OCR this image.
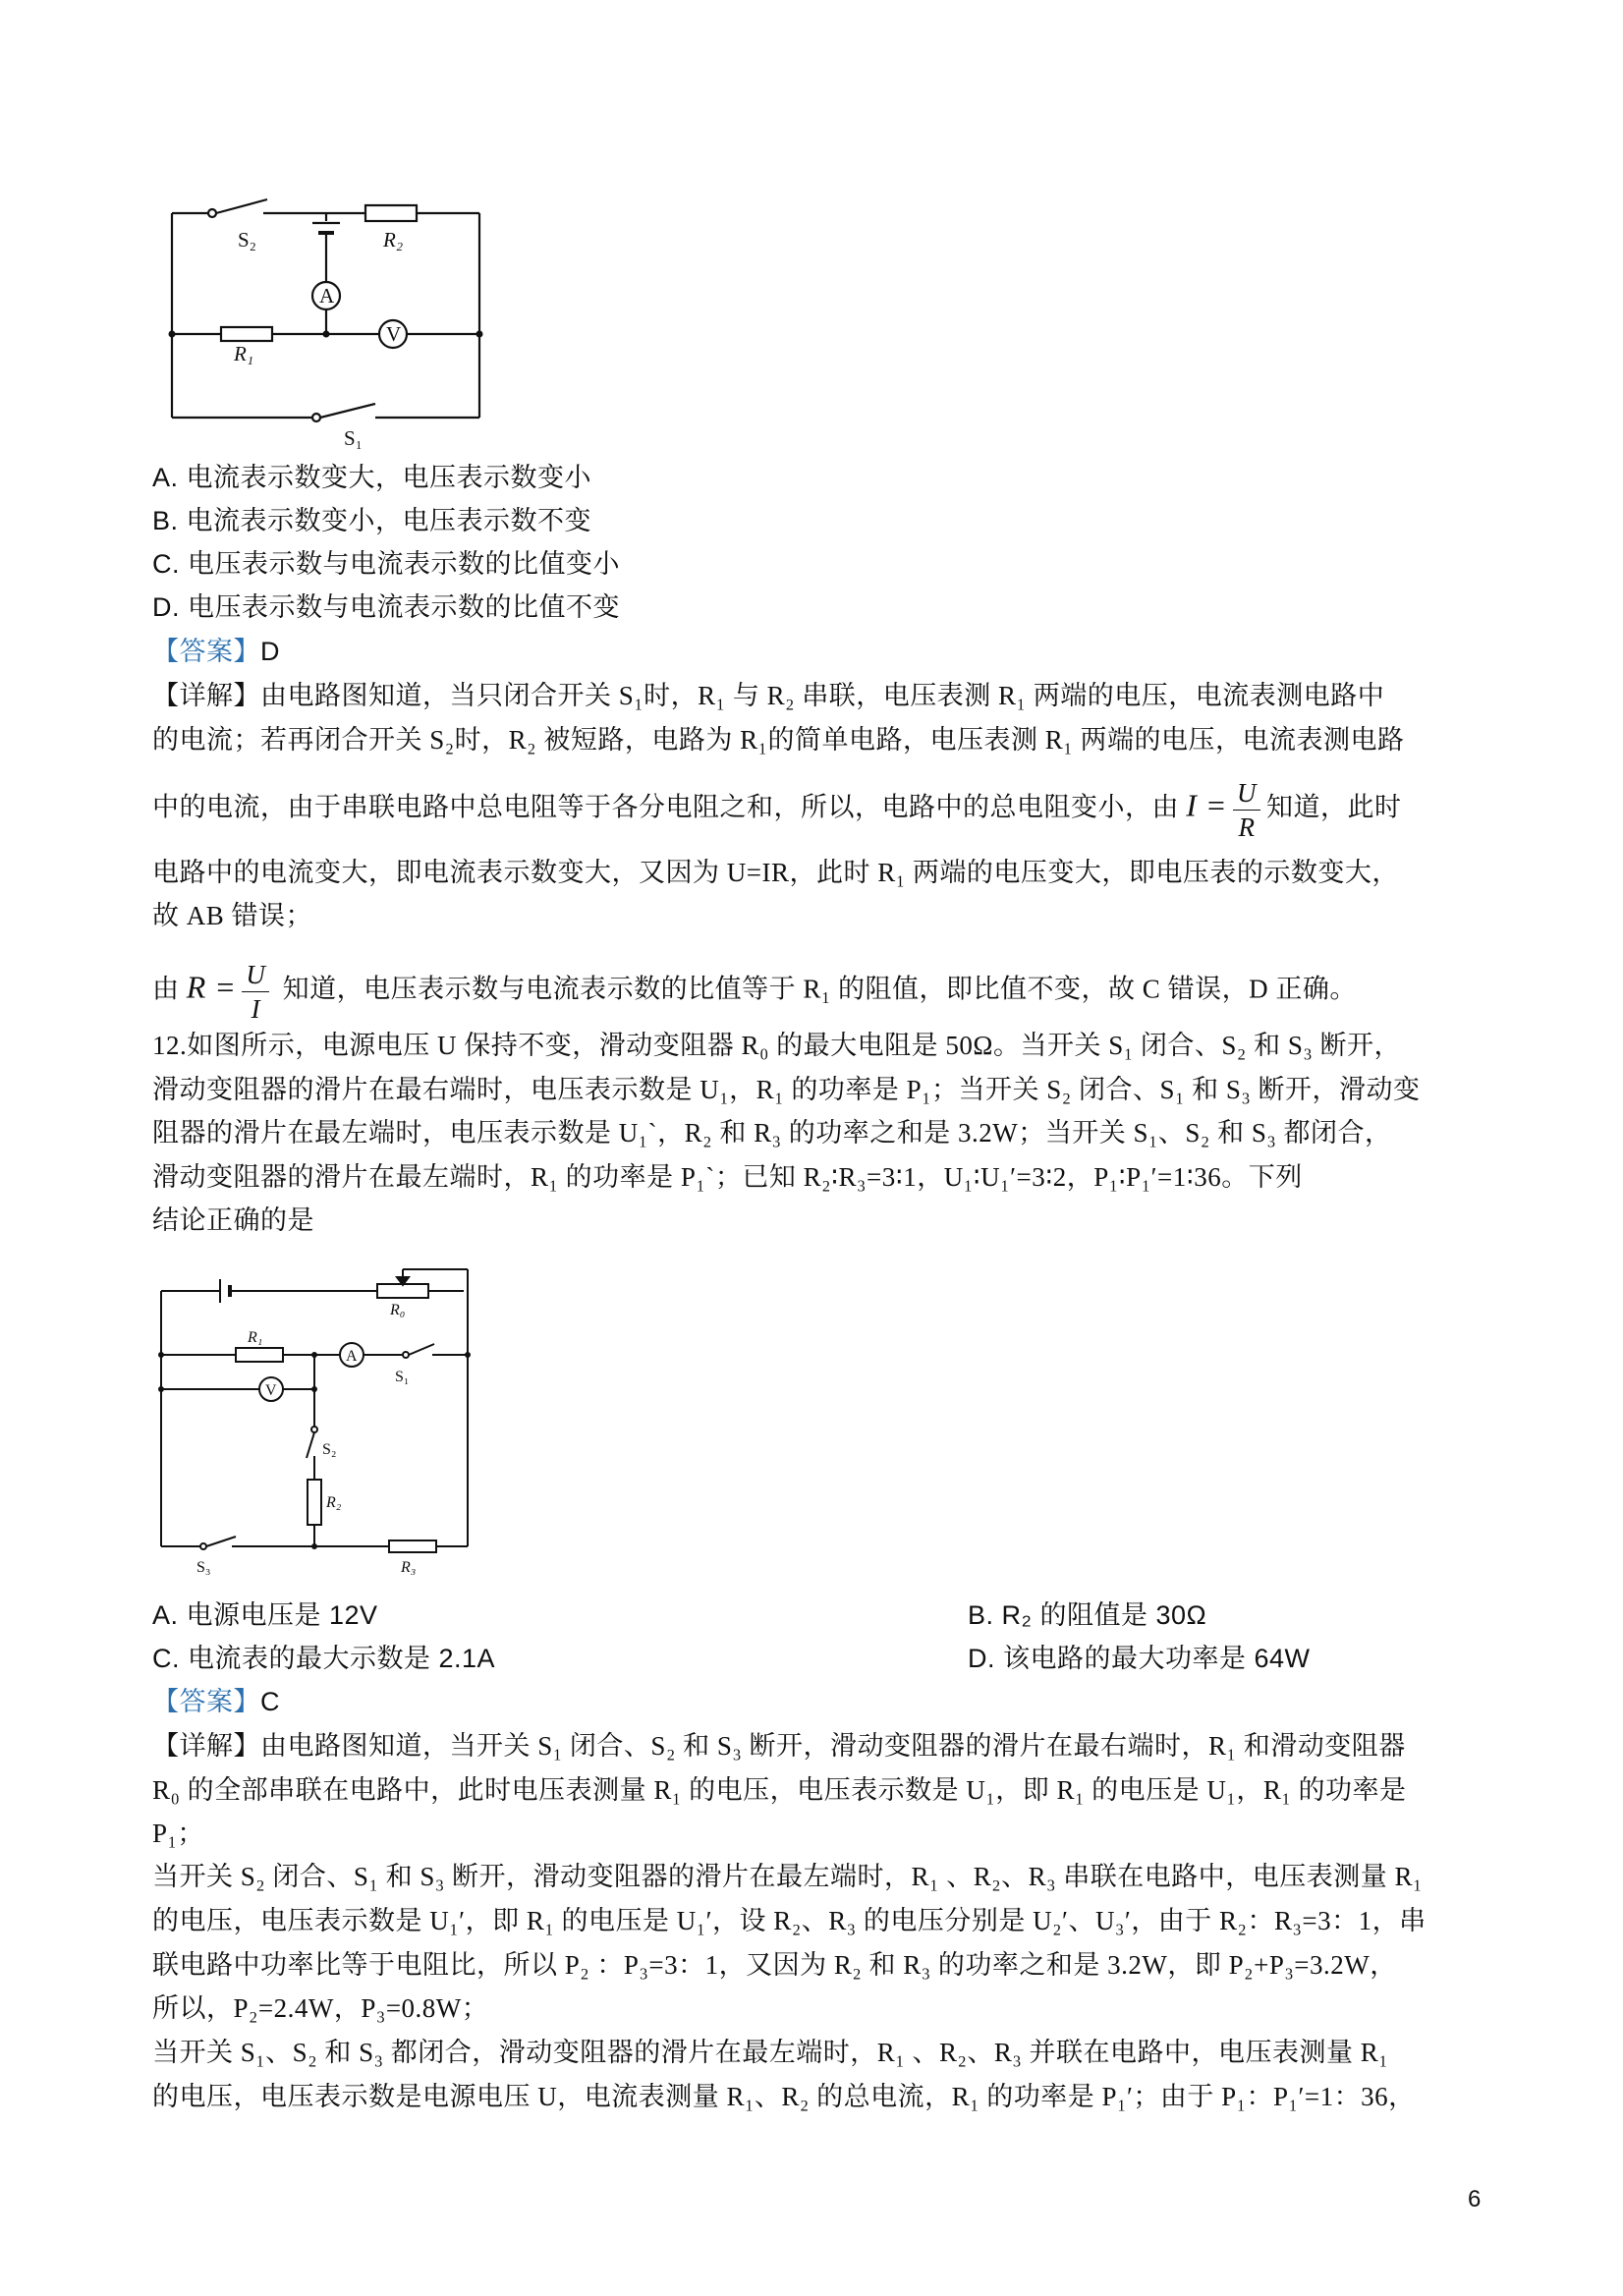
S₂	R₂
A
V
R₁
S₁
A. 电流表示数变大，电压表示数变小
B. 电流表示数变小，电压表示数不变
C. 电压表示数与电流表示数的比值变小
D. 电压表示数与电流表示数的比值不变
【答案】D
【详解】由电路图知道，当只闭合开关 S₁时，R₁ 与 R₂ 串联，电压表测 R₁ 两端的电压，电流表测电路中
的电流；若再闭合开关 S₂时，R₂ 被短路，电路为 R₁的简单电路，电压表测 R₁ 两端的电压，电流表测电路
中的电流，由于串联电路中总电阻等于各分电阻之和，所以，电路中的总电阻变小，由 $I = \frac{U}{R}$ 知道，此时
电路中的电流变大，即电流表示数变大，又因为 U=IR，此时 R₁ 两端的电压变大，即电压表的示数变大，
故 AB 错误；
由 $R = \frac{U}{I}$ 知道，电压表示数与电流表示数的比值等于 R₁ 的阻值，即比值不变，故 C 错误，D 正确。
12.如图所示，电源电压 U 保持不变，滑动变阻器 R₀ 的最大电阻是 50Ω。当开关 S₁ 闭合、S₂ 和 S₃ 断开，
滑动变阻器的滑片在最右端时，电压表示数是 U₁，R₁ 的功率是 P₁；当开关 S₂ 闭合、S₁ 和 S₃ 断开，滑动变
阻器的滑片在最左端时，电压表示数是 U₁`，R₂ 和 R₃ 的功率之和是 3.2W；当开关 S₁、S₂ 和 S₃ 都闭合，
滑动变阻器的滑片在最左端时，R₁ 的功率是 P₁`；已知 R₂∶R₃=3∶1，U₁∶U₁′=3∶2，P₁∶P₁′=1∶36。下列
结论正确的是
R₀
R₁
A
S₁
V
S₂
R₂
S₃	R₃
A. 电源电压是 12V	B. R₂ 的阻值是 30Ω
C. 电流表的最大示数是 2.1A	D. 该电路的最大功率是 64W
【答案】C
【详解】由电路图知道，当开关 S₁ 闭合、S₂ 和 S₃ 断开，滑动变阻器的滑片在最右端时，R₁ 和滑动变阻器
R₀ 的全部串联在电路中，此时电压表测量 R₁ 的电压，电压表示数是 U₁，即 R₁ 的电压是 U₁，R₁ 的功率是
P₁；
当开关 S₂ 闭合、S₁ 和 S₃ 断开，滑动变阻器的滑片在最左端时，R₁ 、R₂、R₃ 串联在电路中，电压表测量 R₁
的电压，电压表示数是 U₁′，即 R₁ 的电压是 U₁′，设 R₂、R₃ 的电压分别是 U₂′、U₃′，由于 R₂：R₃=3：1，串
联电路中功率比等于电阻比，所以 P₂ ：P₃=3：1，又因为 R₂ 和 R₃ 的功率之和是 3.2W，即 P₂+P₃=3.2W，
所以，P₂=2.4W，P₃=0.8W；
当开关 S₁、S₂ 和 S₃ 都闭合，滑动变阻器的滑片在最左端时，R₁ 、R₂、R₃ 并联在电路中，电压表测量 R₁
的电压，电压表示数是电源电压 U，电流表测量 R₁、R₂ 的总电流，R₁ 的功率是 P₁′；由于 P₁：P₁′=1：36，
6
